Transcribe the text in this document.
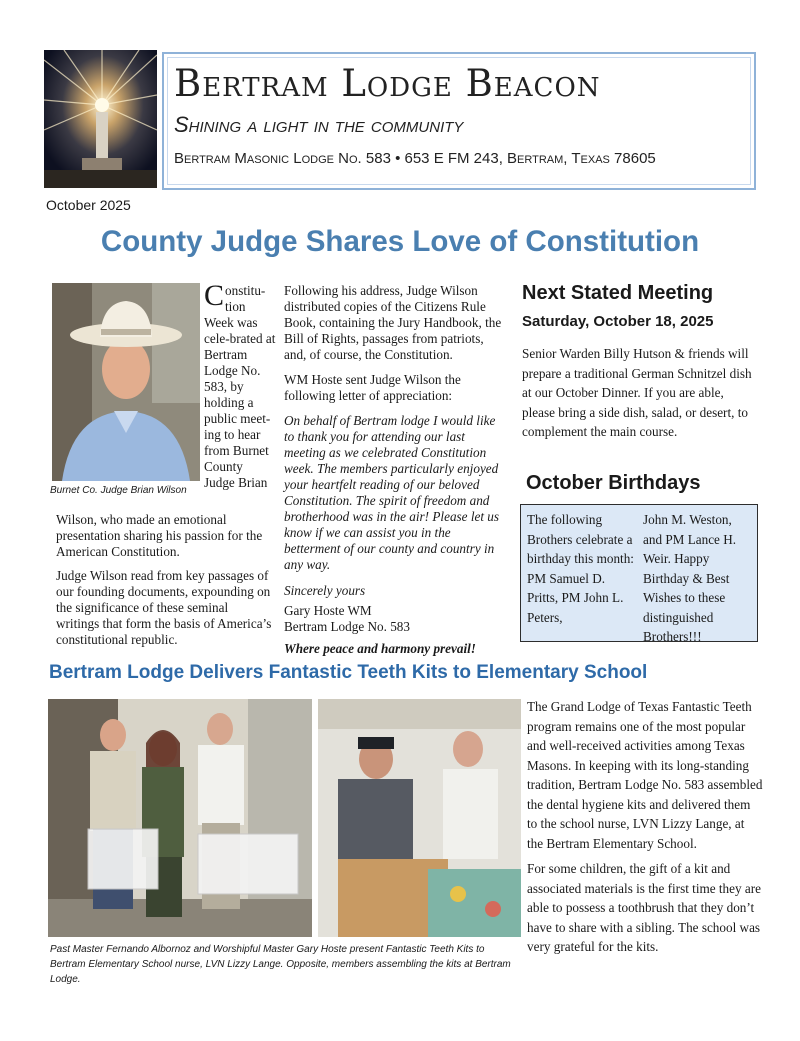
Bertram Lodge Beacon
Shining a light in the community
Bertram Masonic Lodge No. 583 • 653 E FM 243, Bertram, Texas 78605
October 2025
County Judge Shares Love of Constitution
Burnet Co. Judge Brian Wilson
Constitu-tion Week was cele-brated at Bertram Lodge No. 583, by holding a public meet-ing to hear from Burnet County Judge Brian

Wilson, who made an emotional presentation sharing his passion for the American Constitution.

Judge Wilson read from key passages of our founding documents, expounding on the significance of these seminal writings that form the basis of America’s constitutional republic.

Following his address, Judge Wilson distributed copies of the Citizens Rule Book, containing the Jury Handbook, the Bill of Rights, passages from patriots, and, of course, the Constitution.

WM Hoste sent Judge Wilson the following letter of appreciation:

On behalf of Bertram lodge I would like to thank you for attending our last meeting as we celebrated Constitution week. The members particularly enjoyed your heartfelt reading of our beloved Constitution. The spirit of freedom and brotherhood was in the air! Please let us know if we can assist you in the betterment of our county and country in any way.

Sincerely yours
Gary Hoste WM
Bertram Lodge No. 583
Where peace and harmony prevail!
Next Stated Meeting
Saturday, October 18, 2025
Senior Warden Billy Hutson & friends will prepare a traditional German Schnitzel dish at our October Dinner. If you are able, please bring a side dish, salad, or desert, to complement the main course.
October Birthdays
The following Brothers celebrate a birthday this month: PM Samuel D. Pritts, PM John L. Peters,
John M. Weston, and PM Lance H. Weir. Happy Birthday & Best Wishes to these distinguished Brothers!!!
Bertram Lodge Delivers Fantastic Teeth Kits to Elementary School
Past Master Fernando Albornoz and Worshipful Master Gary Hoste present Fantastic Teeth Kits to Bertram Elementary School nurse, LVN Lizzy Lange. Opposite, members assembling the kits at Bertram Lodge.

The Grand Lodge of Texas Fantastic Teeth program remains one of the most popular and well-received activities among Texas Masons. In keeping with its long-standing tradition, Bertram Lodge No. 583 assembled the dental hygiene kits and delivered them to the school nurse, LVN Lizzy Lange, at the Bertram Elementary School.

For some children, the gift of a kit and associated materials is the first time they are able to possess a toothbrush that they don’t have to share with a sibling. The school was very grateful for the kits.
